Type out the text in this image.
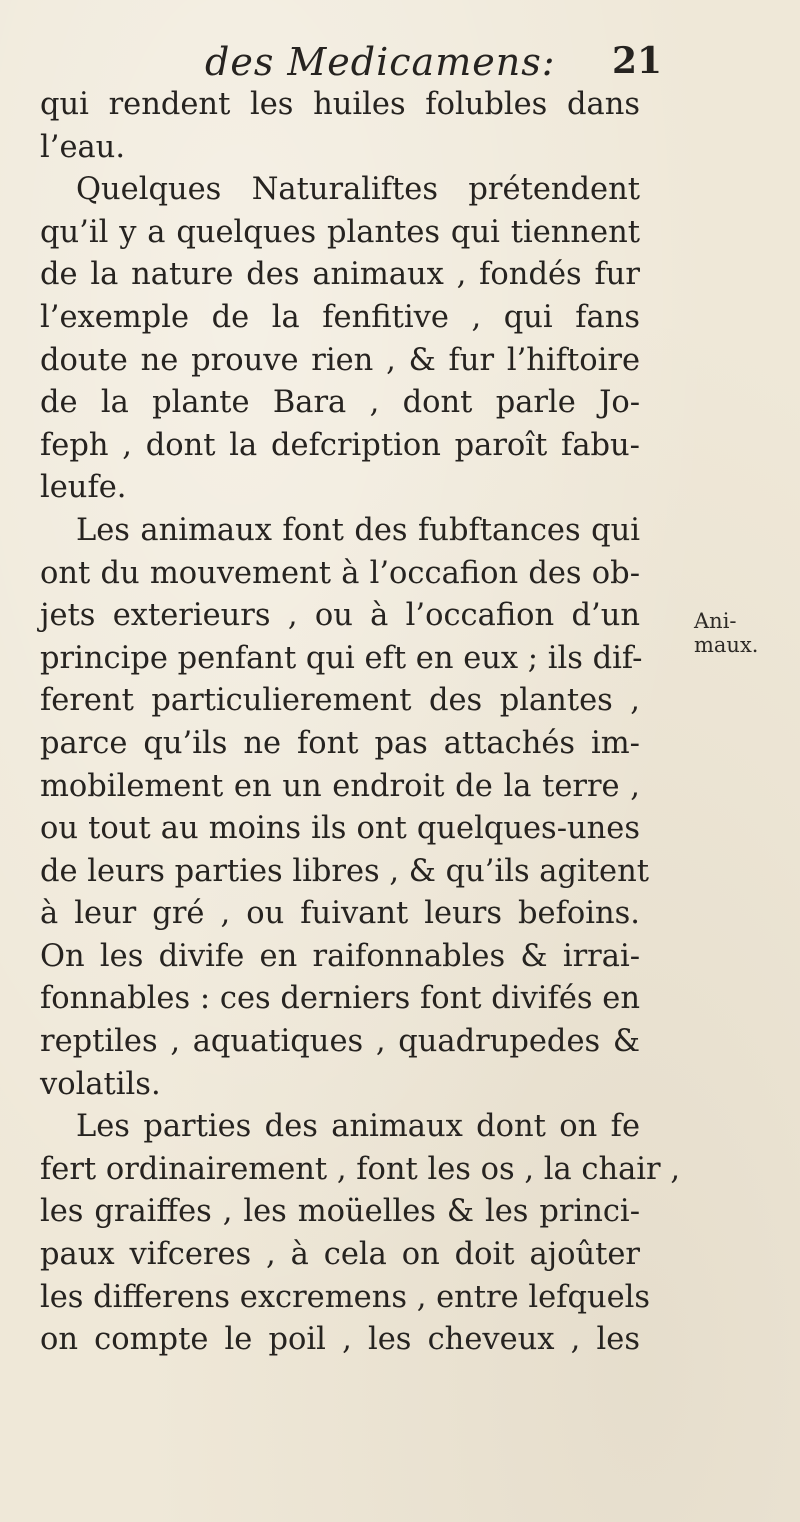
des Medicamens: 21
qui rendent les huiles folubles dans
l’eau.
Quelques Naturaliftes prétendent
qu’il y a quelques plantes qui tiennent
de la nature des animaux , fondés fur
l’exemple de la fenfitive , qui fans
doute ne prouve rien , & fur l’hiftoire
de la plante Bara , dont parle Jo-
feph , dont la defcription paroît fabu-
leufe.
Les animaux font des fubftances qui
ont du mouvement à l’occafion des ob-
jets exterieurs , ou à l’occafion d’un
principe penfant qui eft en eux ; ils dif-
ferent particulierement des plantes ,
parce qu’ils ne font pas attachés im-
mobilement en un endroit de la terre ,
ou tout au moins ils ont quelques-unes
de leurs parties libres , & qu’ils agitent
à leur gré , ou fuivant leurs befoins.
On les divife en raifonnables & irrai-
fonnables : ces derniers font divifés en
reptiles , aquatiques , quadrupedes &
volatils.
Les parties des animaux dont on fe
fert ordinairement , font les os , la chair ,
les graiffes , les moüelles & les princi-
paux vifceres , à cela on doit ajoûter
les differens excremens , entre lefquels
on compte le poil , les cheveux , les
Ani-
maux.
